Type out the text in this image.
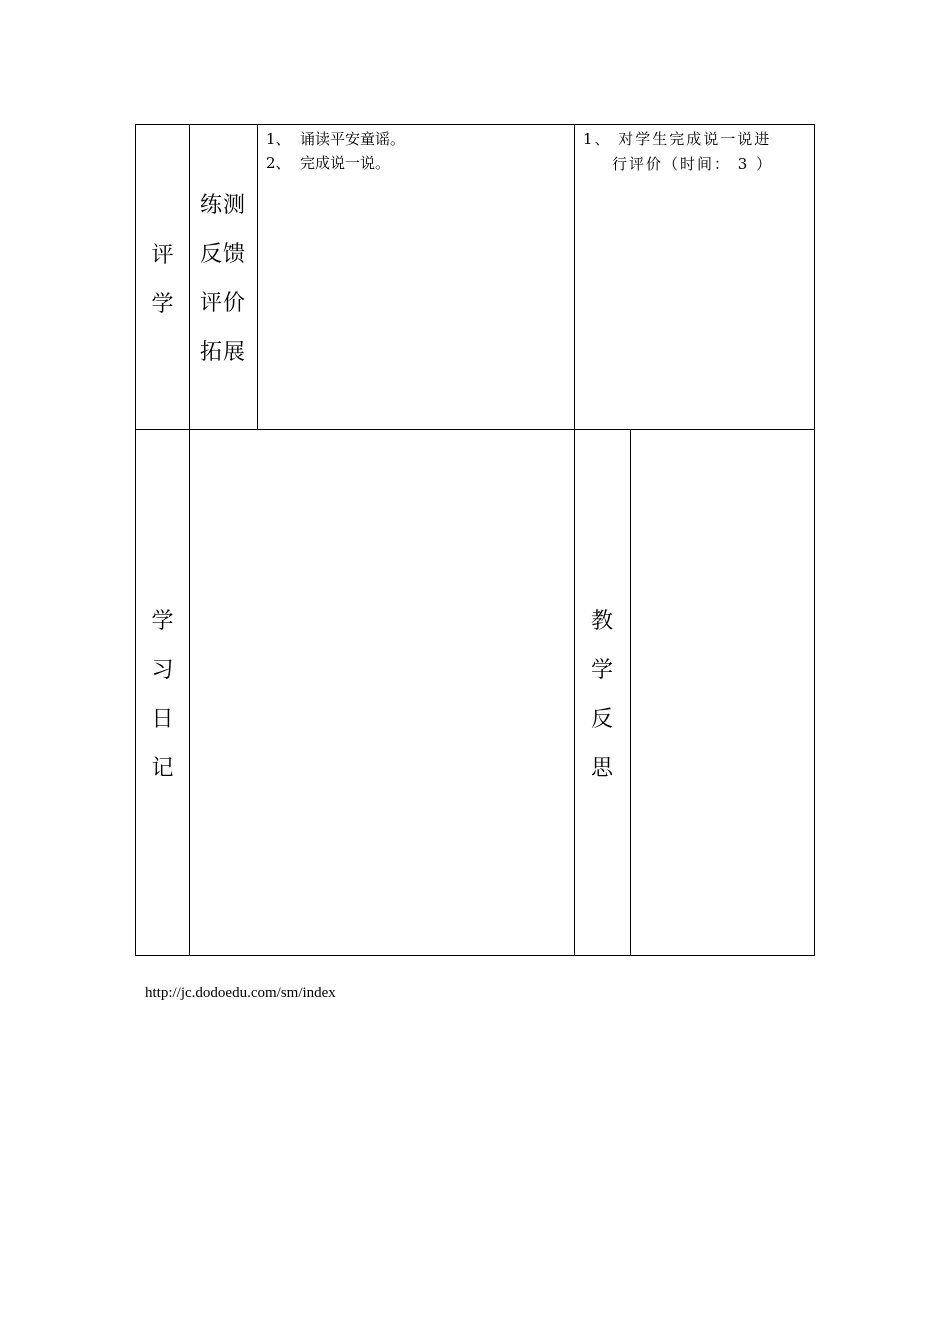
评
学
练测
反馈
评价
拓展
1、 诵读平安童谣。
2、 完成说一说。
1、 对学生完成说一说进
行评价（时间： 3 ）
学
习
日
记
教
学
反
思
http://jc.dodoedu.com/sm/index
